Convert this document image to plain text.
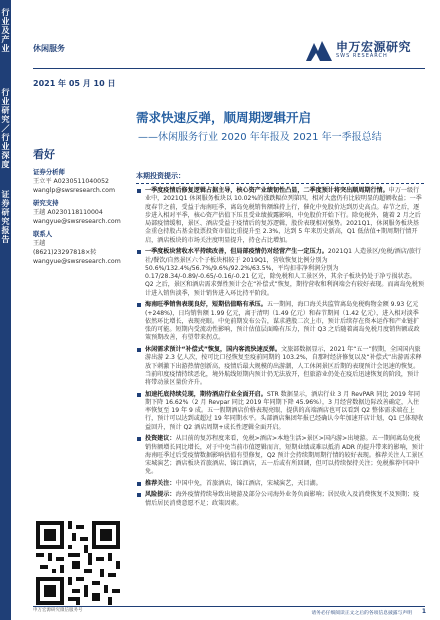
行业及产业
行业研究／行业深度
证券研究报告
休闲服务	申万宏源研究
SWS RESEARCH
2021 年 05 月 10 日
需求快速反弹，顺周期逻辑开启
——休闲服务行业 2020 年年报及 2021 年一季报总结
看好
证券分析师
王立平 A0230511040052
wanglp@swsresearch.com
研究支持
王越 A0230118110004
wangyue@swsresearch.com
联系人
王越
(8621)23297818×转
wangyue@swsresearch.com
申万宏源研究微信服务号
本期投资提示：
一季度疫情后修复逻辑占据主导，核心资产业绩韧性凸显，二季度预计将突出顺周期行情。申万一级行业中，2021Q1 休闲服务板块以 10.02%的涨跌幅位列第四，相对大盘仍有比较明显的超额收益；一季度春节之前，受益于海南旺季，离岛免税销售额维持上行，催化中免股价达到历史高点。春节之后，逐步进入相对平季，核心资产估值下压且受业绩披露影响，中免股价开始下行。除免税外，随着 2 月之后局部疫情缓和，景区、酒店受益于疫情后的复苏逻辑，股价表现相对强势。2021Q1，休闲服务板块基金重仓持股占基金股票投资市值比重提升至 2.3%，达到 5 年来历史新高，Q1 低估值+期周期行情开启，酒店板块的市场关注度明显提升，持仓占比增加。
一季度板块营收水平持续改善，但局部疫情仍对经营产生一定压力。2021Q1 人造景区/免税/酒店/旅行社/餐饮/自然景区六个子板块相较于 2019Q1，营收恢复比例分别为 50.6%/132.4%/56.7%/9.6%/92.2%/63.5%，平均扣非净利润分别为 0.17/28.34/-0.89/-0.65/-0.16/-0.21 亿元，除免税和人工景区外，其余子板块仍处于净亏损状态。Q2 之后，景区和酒店需求弹性预计会在“补偿式”恢复，期待营收和利润端会有较好表现。而离岛免税预计进入销售淡季，预计销售进入环比持平阶段。
海南旺季销售表现良好，短期估值略有承压。五一期间，海口海关共监管离岛免税购物金额 9.93 亿元(+248%)，日均销售额 1.99 亿元，离于清明（1.49 亿元）和春节期间（1.42 亿元），进入相对淡季依然环比增长，表现亮眼。中免前期发布公告，谋求港股二次上市，预计后续存在资本运作和产业链扩张的可能。短期内受流动性影响，预计估值层面略有压力，预计 Q3 之后随着离岛免税月度销售额或政策预期改善，有望带来拐点。
休闲需求预计“补偿式”恢复，国内客流快速反弹。文旅部数据显示，2021 年“五一”假期，全国国内旅游出游 2.3 亿人次，按可比口径恢复至疫前同期的 103.2%，自那时经济修复以及“补偿式”出游需求释放下刺激下出游热情创新高，疫情后最大规模的出游潮，人工休闲景区后期的表现预计会迅速的恢复。当前印度疫情持续恶化，境外航线短期内预计仍无法放开，但旅游业仍处在疫后迅速恢复的阶段，预计将带动景区量价齐升。
加速托底持续兑现，期待酒店行业全面开启。STR 数据显示，酒店行业 3 月 RevPAR 同比 2019 年同期下降 16.62%（2 月 Revpar 同比 2019 年同期下降 45.96%），3 月经营数据边际改善确定，入住率恢复至 19 年 9 成。五一假期酒店价格表现亮眼，提供的高端酒店也可以看到 Q2 整体需求端在上行，预计可以达到或超过 19 年同期水平。头部酒店集团年报已经确认今年加速开店计划，Q1 已体现收益回升，预计 Q2 酒店周期+成长性逻辑全面开启。
投资建议：从目前的复苏程度来看，免税>酒店>本地生活>景区>国内游>出境游。五一期间离岛免税销售额增长同比增长，对于中免当前市值逻辑而言，短期业绩或难以抵消 ADR 的提升带来的影响，预计海南旺季过后受疫情数据影响估值有望修复，Q2 预计会持续期周期行情的较好表现。推荐关注人工景区宋城演艺；酒店板块首旅酒店、锦江酒店，五一后或有所回调，但可以持续保持关注；免税推荐中国中免。
推荐关注：中国中免，首旅酒店，锦江酒店，宋城演艺，天目湖。
风险提示：海外疫情持续导致出境游及部分公司海外业务负面影响；居民收入及消费恢复不及预期；疫情后居民消费意愿不足；政策因素。
请务必仔细阅读正文之后的各项信息披露与声明 1
